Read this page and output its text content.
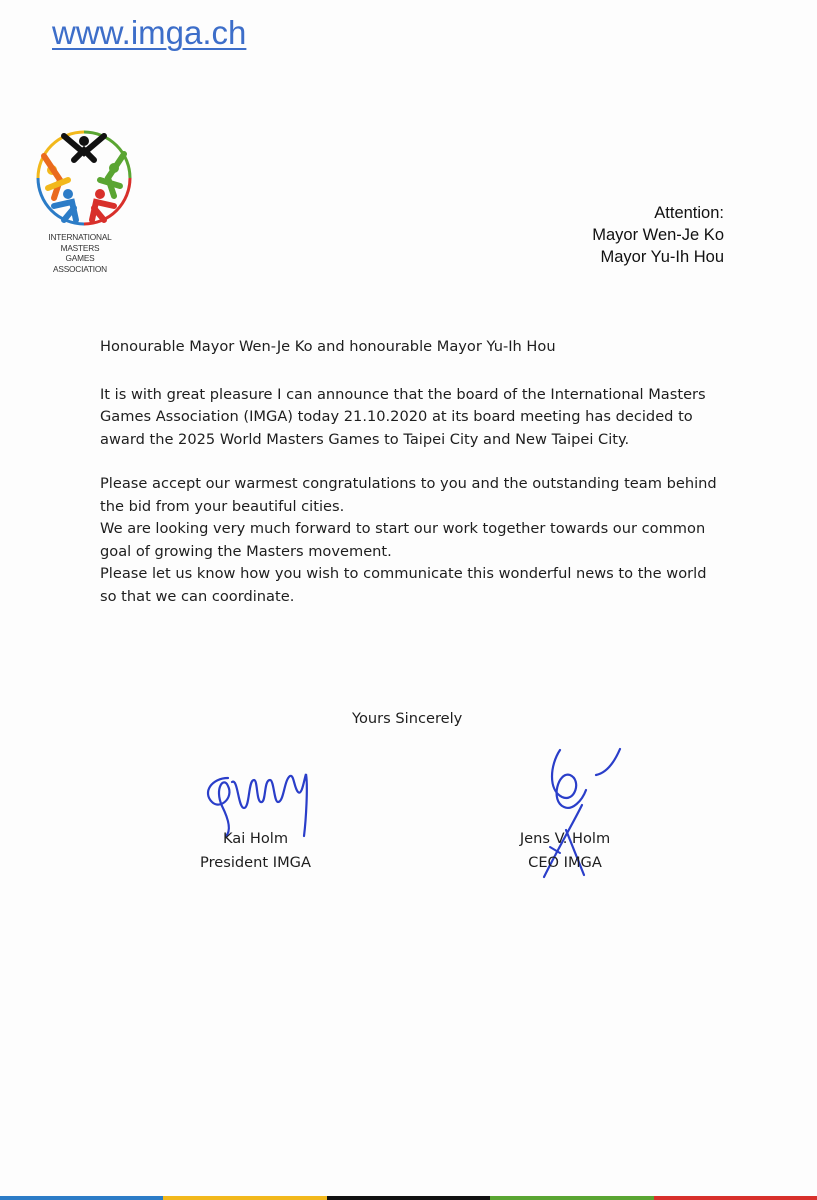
www.imga.ch
INTERNATIONAL
MASTERS
GAMES
ASSOCIATION
Attention:
Mayor Wen-Je Ko
Mayor Yu-Ih Hou

Honourable Mayor Wen-Je Ko and honourable Mayor Yu-Ih Hou

It is with great pleasure I can announce that the board of the International Masters Games Association (IMGA) today 21.10.2020 at its board meeting has decided to award the 2025 World Masters Games to Taipei City and New Taipei City.

Please accept our warmest congratulations to you and the outstanding team behind the bid from your beautiful cities.

We are looking very much forward to start our work together towards our common goal of growing the Masters movement.

Please let us know how you wish to communicate this wonderful news to the world so that we can coordinate.

Yours Sincerely
Kai Holm
President IMGA
Jens V. Holm
CEO IMGA
